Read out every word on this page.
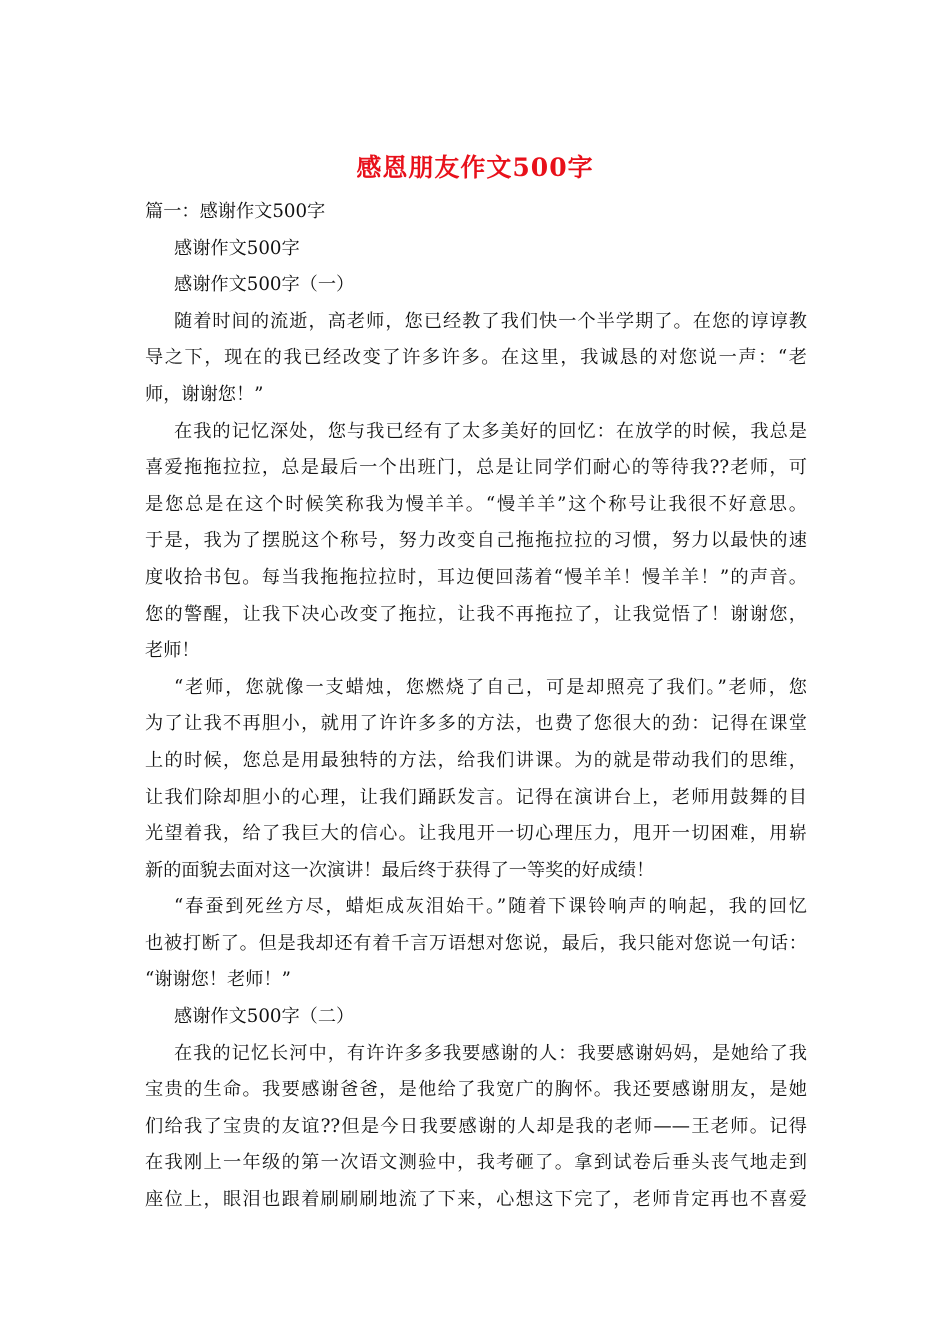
感恩朋友作文500字

篇一：感谢作文500字

感谢作文500字

感谢作文500字（一）

随着时间的流逝，高老师，您已经教了我们快一个半学期了。在您的谆谆教

导之下，现在的我已经改变了许多许多。在这里，我诚恳的对您说一声：“老

师，谢谢您！”

在我的记忆深处，您与我已经有了太多美好的回忆：在放学的时候，我总是

喜爱拖拖拉拉，总是最后一个出班门，总是让同学们耐心的等待我??老师，可

是您总是在这个时候笑称我为慢羊羊。“慢羊羊”这个称号让我很不好意思。

于是，我为了摆脱这个称号，努力改变自己拖拖拉拉的习惯，努力以最快的速

度收拾书包。每当我拖拖拉拉时，耳边便回荡着“慢羊羊！慢羊羊！”的声音。

您的警醒，让我下决心改变了拖拉，让我不再拖拉了，让我觉悟了！谢谢您，

老师！

“老师，您就像一支蜡烛，您燃烧了自己，可是却照亮了我们。”老师，您

为了让我不再胆小，就用了许许多多的方法，也费了您很大的劲：记得在课堂

上的时候，您总是用最独特的方法，给我们讲课。为的就是带动我们的思维，

让我们除却胆小的心理，让我们踊跃发言。记得在演讲台上，老师用鼓舞的目

光望着我，给了我巨大的信心。让我甩开一切心理压力，甩开一切困难，用崭

新的面貌去面对这一次演讲！最后终于获得了一等奖的好成绩！

“春蚕到死丝方尽，蜡炬成灰泪始干。”随着下课铃响声的响起，我的回忆

也被打断了。但是我却还有着千言万语想对您说，最后，我只能对您说一句话：

“谢谢您！老师！”

感谢作文500字（二）

在我的记忆长河中，有许许多多我要感谢的人：我要感谢妈妈，是她给了我

宝贵的生命。我要感谢爸爸，是他给了我宽广的胸怀。我还要感谢朋友，是她

们给我了宝贵的友谊??但是今日我要感谢的人却是我的老师——王老师。记得

在我刚上一年级的第一次语文测验中，我考砸了。拿到试卷后垂头丧气地走到

座位上，眼泪也跟着刷刷刷地流了下来，心想这下完了，老师肯定再也不喜爱
